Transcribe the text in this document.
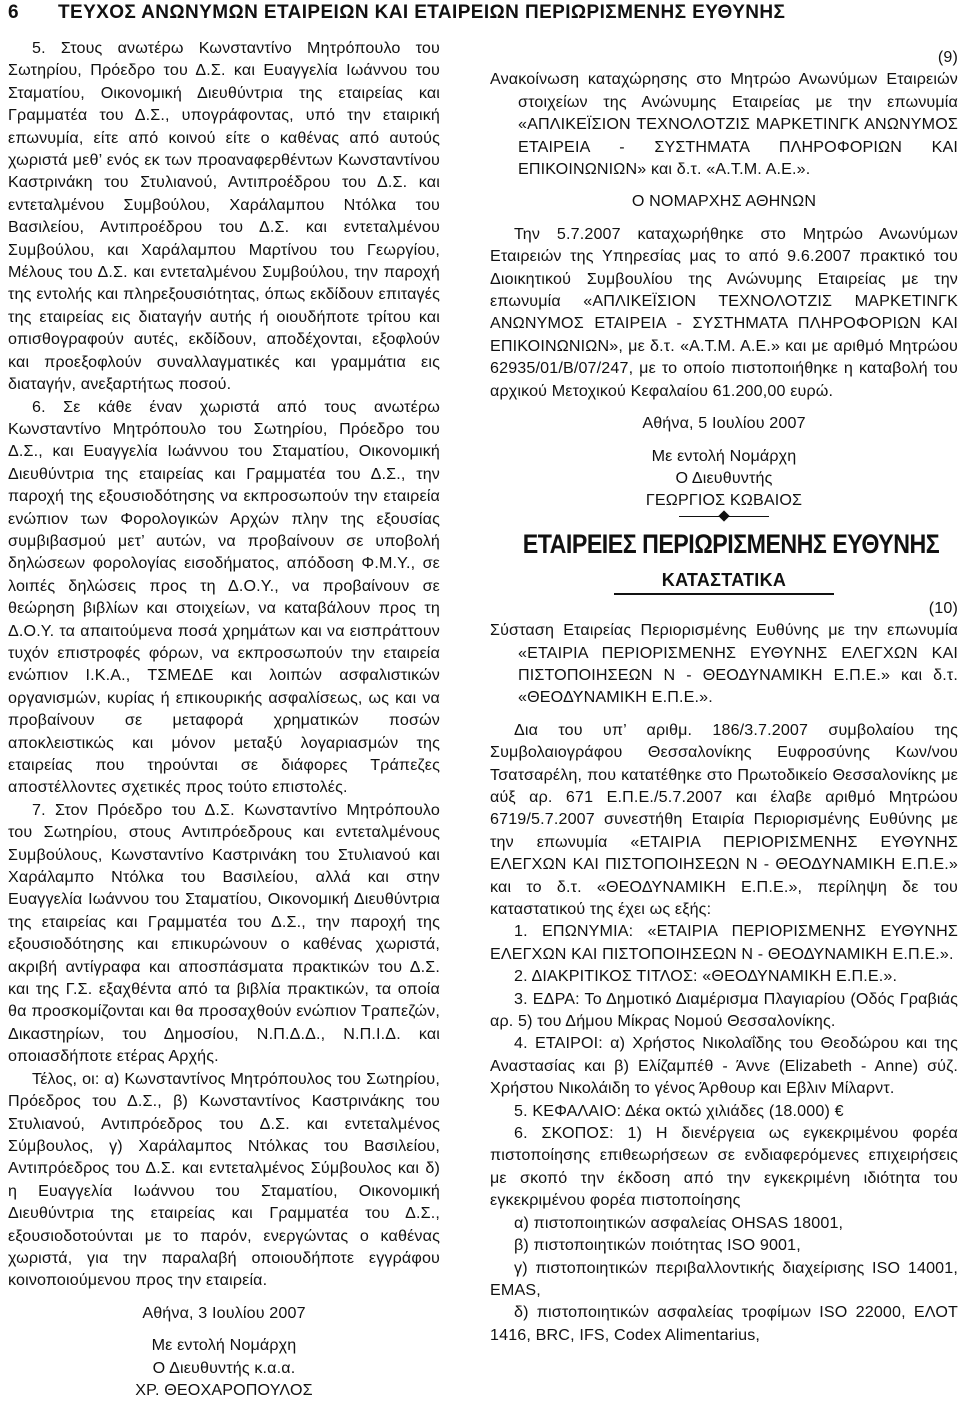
6 ΤΕΥΧΟΣ ΑΝΩΝΥΜΩΝ ΕΤΑΙΡΕΙΩΝ ΚΑΙ ΕΤΑΙΡΕΙΩΝ ΠΕΡΙΩΡΙΣΜΕΝΗΣ ΕΥΘΥΝΗΣ

5. Στους ανωτέρω Κωνσταντίνο Μητρόπουλο του Σωτηρίου, Πρόεδρο του Δ.Σ. και Ευαγγελία Ιωάννου του Σταματίου, Οικονομική Διευθύντρια της εταιρείας και Γραμματέα του Δ.Σ., υπογράφοντας, υπό την εταιρική επωνυμία, είτε από κοινού είτε ο καθένας από αυτούς χωριστά μεθ’ ενός εκ των προαναφερθέντων Κωνσταντίνου Καστρινάκη του Στυλιανού, Αντιπροέδρου του Δ.Σ. και εντεταλμένου Συμβούλου, Χαράλαμπου Ντόλκα του Βασιλείου, Αντιπροέδρου του Δ.Σ. και εντεταλμένου Συμβούλου, και Χαράλαμπου Μαρτίνου του Γεωργίου, Μέλους του Δ.Σ. και εντεταλμένου Συμβούλου, την παροχή της εντολής και πληρεξουσιότητας, όπως εκδίδουν επιταγές της εταιρείας εις διαταγήν αυτής ή οιουδήποτε τρίτου και οπισθογραφούν αυτές, εκδίδουν, αποδέχονται, εξοφλούν και προεξοφλούν συναλλαγματικές και γραμμάτια εις διαταγήν, ανεξαρτήτως ποσού.

6. Σε κάθε έναν χωριστά από τους ανωτέρω Κωνσταντίνο Μητρόπουλο του Σωτηρίου, Πρόεδρο του Δ.Σ., και Ευαγγελία Ιωάννου του Σταματίου, Οικονομική Διευθύντρια της εταιρείας και Γραμματέα του Δ.Σ., την παροχή της εξουσιοδότησης να εκπροσωπούν την εταιρεία ενώπιον των Φορολογικών Αρχών πλην της εξουσίας συμβιβασμού μετ’ αυτών, να προβαίνουν σε υποβολή δηλώσεων φορολογίας εισοδήματος, απόδοση Φ.Μ.Υ., σε λοιπές δηλώσεις προς τη Δ.Ο.Υ., να προβαίνουν σε θεώρηση βιβλίων και στοιχείων, να καταβάλουν προς τη Δ.Ο.Υ. τα απαιτούμενα ποσά χρημάτων και να εισπράττουν τυχόν επιστροφές φόρων, να εκπροσωπούν την εταιρεία ενώπιον Ι.Κ.Α., ΤΣΜΕΔΕ και λοιπών ασφαλιστικών οργανισμών, κυρίας ή επικουρικής ασφαλίσεως, ως και να προβαίνουν σε μεταφορά χρηματικών ποσών αποκλειστικώς και μόνον μεταξύ λογαριασμών της εταιρείας που τηρούνται σε διάφορες Τράπεζες αποστέλλοντες σχετικές προς τούτο επιστολές.

7. Στον Πρόεδρο του Δ.Σ. Κωνσταντίνο Μητρόπουλο του Σωτηρίου, στους Αντιπρόεδρους και εντεταλμένους Συμβούλους, Κωνσταντίνο Καστρινάκη του Στυλιανού και Χαράλαμπο Ντόλκα του Βασιλείου, αλλά και στην Ευαγγελία Ιωάννου του Σταματίου, Οικονομική Διευθύντρια της εταιρείας και Γραμματέα του Δ.Σ., την παροχή της εξουσιοδότησης και επικυρώνουν ο καθένας χωριστά, ακριβή αντίγραφα και αποσπάσματα πρακτικών του Δ.Σ. και της Γ.Σ. εξαχθέντα από τα βιβλία πρακτικών, τα οποία θα προσκομίζονται και θα προσαχθούν ενώπιον Τραπεζών, Δικαστηρίων, του Δημοσίου, Ν.Π.Δ.Δ., Ν.Π.Ι.Δ. και οποιασδήποτε ετέρας Αρχής.

Τέλος, οι: α) Κωνσταντίνος Μητρόπουλος του Σωτηρίου, Πρόεδρος του Δ.Σ., β) Κωνσταντίνος Καστρινάκης του Στυλιανού, Αντιπρόεδρος του Δ.Σ. και εντεταλμένος Σύμβουλος, γ) Χαράλαμπος Ντόλκας του Βασιλείου, Αντιπρόεδρος του Δ.Σ. και εντεταλμένος Σύμβουλος και δ) η Ευαγγελία Ιωάννου του Σταματίου, Οικονομική Διευθύντρια της εταιρείας και Γραμματέα του Δ.Σ., εξουσιοδοτούνται με το παρόν, ενεργώντας ο καθένας χωριστά, για την παραλαβή οποιουδήποτε εγγράφου κοινοποιούμενου προς την εταιρεία.

Αθήνα, 3 Ιουλίου 2007

Με εντολή Νομάρχη

Ο Διευθυντής κ.α.α.

ΧΡ. ΘΕΟΧΑΡΟΠΟΥΛΟΣ

(9)

Ανακοίνωση καταχώρησης στο Μητρώο Ανωνύμων Εταιρειών στοιχείων της Ανώνυμης Εταιρείας με την επωνυμία «ΑΠΛΙΚΕΪΣΙΟΝ ΤΕΧΝΟΛΟΤΖΙΣ ΜΑΡΚΕΤΙΝΓΚ ΑΝΩΝΥΜΟΣ ΕΤΑΙΡΕΙΑ - ΣΥΣΤΗΜΑΤΑ ΠΛΗΡΟΦΟΡΙΩΝ ΚΑΙ ΕΠΙΚΟΙΝΩΝΙΩΝ» και δ.τ. «Α.Τ.Μ. Α.Ε.».

Ο ΝΟΜΑΡΧΗΣ ΑΘΗΝΩΝ

Την 5.7.2007 καταχωρήθηκε στο Μητρώο Ανωνύμων Εταιρειών της Υπηρεσίας μας το από 9.6.2007 πρακτικό του Διοικητικού Συμβουλίου της Ανώνυμης Εταιρείας με την επωνυμία «ΑΠΛΙΚΕΪΣΙΟΝ ΤΕΧΝΟΛΟΤΖΙΣ ΜΑΡΚΕΤΙΝΓΚ ΑΝΩΝΥΜΟΣ ΕΤΑΙΡΕΙΑ - ΣΥΣΤΗΜΑΤΑ ΠΛΗΡΟΦΟΡΙΩΝ ΚΑΙ ΕΠΙΚΟΙΝΩΝΙΩΝ», με δ.τ. «Α.Τ.Μ. Α.Ε.» και με αριθμό Μητρώου 62935/01/Β/07/247, με το οποίο πιστοποιήθηκε η καταβολή του αρχικού Μετοχικού Κεφαλαίου 61.200,00 ευρώ.

Αθήνα, 5 Ιουλίου 2007

Με εντολή Νομάρχη

Ο Διευθυντής

ΓΕΩΡΓΙΟΣ ΚΩΒΑΙΟΣ

ΕΤΑΙΡΕΙΕΣ ΠΕΡΙΩΡΙΣΜΕΝΗΣ ΕΥΘΥΝΗΣ

ΚΑΤΑΣΤΑΤΙΚΑ

(10)

Σύσταση Εταιρείας Περιορισμένης Ευθύνης με την επωνυμία «ΕΤΑΙΡΙΑ ΠΕΡΙΟΡΙΣΜΕΝΗΣ ΕΥΘΥΝΗΣ ΕΛΕΓΧΩΝ ΚΑΙ ΠΙΣΤΟΠΟΙΗΣΕΩΝ Ν - ΘΕΟΔΥΝΑΜΙΚΗ Ε.Π.Ε.» και δ.τ. «ΘΕΟΔΥΝΑΜΙΚΗ Ε.Π.Ε.».

Δια του υπ’ αριθμ. 186/3.7.2007 συμβολαίου της Συμβολαιογράφου Θεσσαλονίκης Ευφροσύνης Κων/νου Τσατσαρέλη, που κατατέθηκε στο Πρωτοδικείο Θεσσαλονίκης με αύξ αρ. 671 Ε.Π.Ε./5.7.2007 και έλαβε αριθμό Μητρώου 6719/5.7.2007 συνεστήθη Εταιρία Περιορισμένης Ευθύνης με την επωνυμία «ΕΤΑΙΡΙΑ ΠΕΡΙΟΡΙΣΜΕΝΗΣ ΕΥΘΥΝΗΣ ΕΛΕΓΧΩΝ ΚΑΙ ΠΙΣΤΟΠΟΙΗΣΕΩΝ Ν - ΘΕΟΔΥΝΑΜΙΚΗ Ε.Π.Ε.» και το δ.τ. «ΘΕΟΔΥΝΑΜΙΚΗ Ε.Π.Ε.», περίληψη δε του καταστατικού της έχει ως εξής:

1. ΕΠΩΝΥΜΙΑ: «ΕΤΑΙΡΙΑ ΠΕΡΙΟΡΙΣΜΕΝΗΣ ΕΥΘΥΝΗΣ ΕΛΕΓΧΩΝ ΚΑΙ ΠΙΣΤΟΠΟΙΗΣΕΩΝ Ν - ΘΕΟΔΥΝΑΜΙΚΗ Ε.Π.Ε.».

2. ΔΙΑΚΡΙΤΙΚΟΣ ΤΙΤΛΟΣ: «ΘΕΟΔΥΝΑΜΙΚΗ Ε.Π.Ε.».

3. ΕΔΡΑ: Το Δημοτικό Διαμέρισμα Πλαγιαρίου (Οδός Γραβιάς αρ. 5) του Δήμου Μίκρας Νομού Θεσσαλονίκης.

4. ΕΤΑΙΡΟΙ: α) Χρήστος Νικολαΐδης του Θεοδώρου και της Αναστασίας και β) Ελίζαμπέθ - Άννε (Elizabeth - Anne) σύζ. Χρήστου Νικολάιδη το γένος Άρθουρ και Εβλιν Μίλαρντ.

5. ΚΕΦΑΛΑΙΟ: Δέκα οκτώ χιλιάδες (18.000) €

6. ΣΚΟΠΟΣ: 1) Η διενέργεια ως εγκεκριμένου φορέα πιστοποίησης επιθεωρήσεων σε ενδιαφερόμενες επιχειρήσεις με σκοπό την έκδοση από την εγκεκριμένη ιδιότητα του εγκεκριμένου φορέα πιστοποίησης

α) πιστοποιητικών ασφαλείας OHSAS 18001,

β) πιστοποιητικών ποιότητας ISO 9001,

γ) πιστοποιητικών περιβαλλοντικής διαχείρισης ISO 14001, EMAS,

δ) πιστοποιητικών ασφαλείας τροφίμων ISO 22000, ΕΛΟΤ 1416, BRC, IFS, Codex Alimentarius,
